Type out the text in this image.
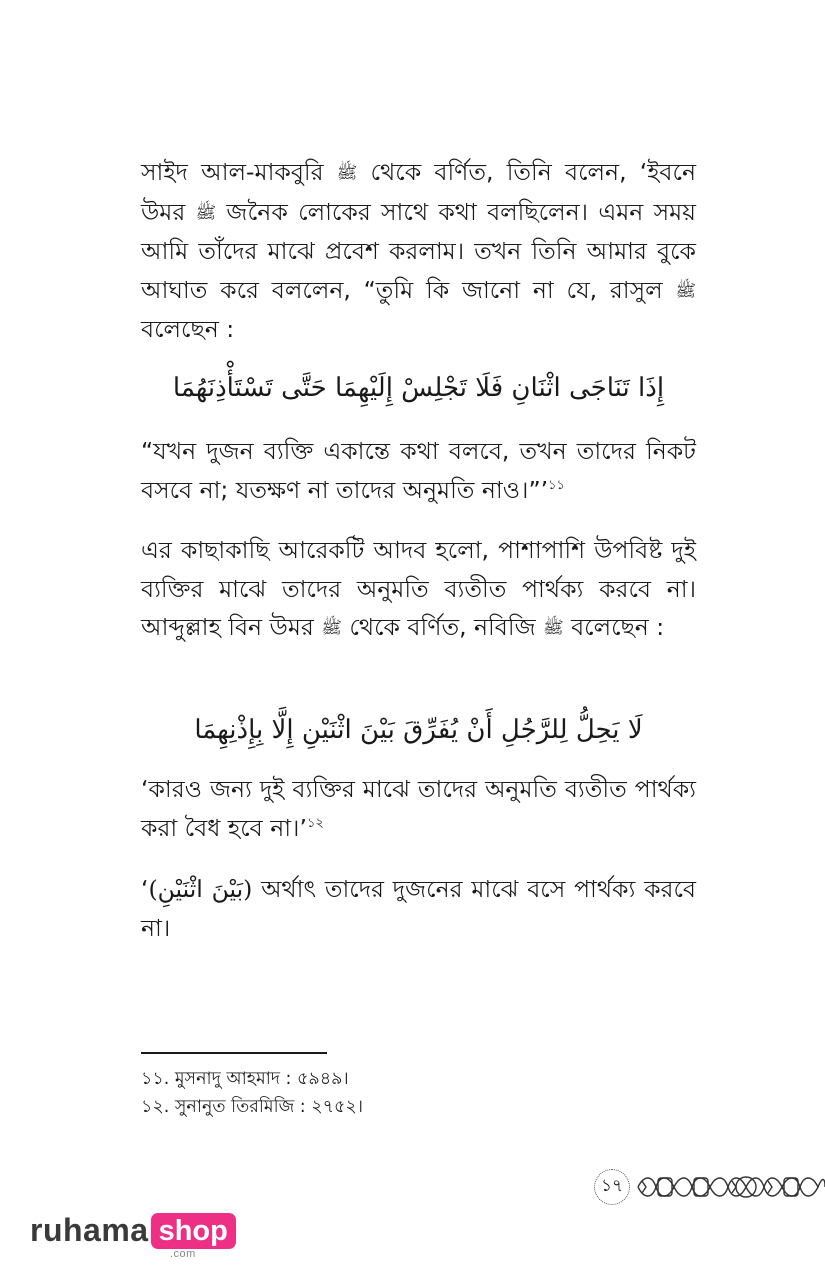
সাইদ আল-মাকবুরি ﷺ থেকে বর্ণিত, তিনি বলেন, ‘ইবনে উমর ﷺ জনৈক লোকের সাথে কথা বলছিলেন। এমন সময় আমি তাঁদের মাঝে প্রবেশ করলাম। তখন তিনি আমার বুকে আঘাত করে বললেন, “তুমি কি জানো না যে, রাসুল ﷺ বলেছেন :

إِذَا تَنَاجَى اثْنَانِ فَلَا تَجْلِسْ إِلَيْهِمَا حَتَّى تَسْتَأْذِنَهُمَا

“যখন দুজন ব্যক্তি একান্তে কথা বলবে, তখন তাদের নিকট বসবে না; যতক্ষণ না তাদের অনুমতি নাও।”’$^{১১}$

এর কাছাকাছি আরেকটি আদব হলো, পাশাপাশি উপবিষ্ট দুই ব্যক্তির মাঝে তাদের অনুমতি ব্যতীত পার্থক্য করবে না। আব্দুল্লাহ বিন উমর ﷺ থেকে বর্ণিত, নবিজি ﷺ বলেছেন :

لَا يَحِلُّ لِلرَّجُلِ أَنْ يُفَرِّقَ بَيْنَ اثْنَيْنِ إِلَّا بِإِذْنِهِمَا

‘কারও জন্য দুই ব্যক্তির মাঝে তাদের অনুমতি ব্যতীত পার্থক্য করা বৈধ হবে না।’$^{১২}$

‘(بَيْنَ اثْنَيْنِ) অর্থাৎ তাদের দুজনের মাঝে বসে পার্থক্য করবে না।

১১. মুসনাদু আহমাদ : ৫৯৪৯।
১২. সুনানুত তিরমিজি : ২৭৫২।
১৭
ruhama shop
.com
